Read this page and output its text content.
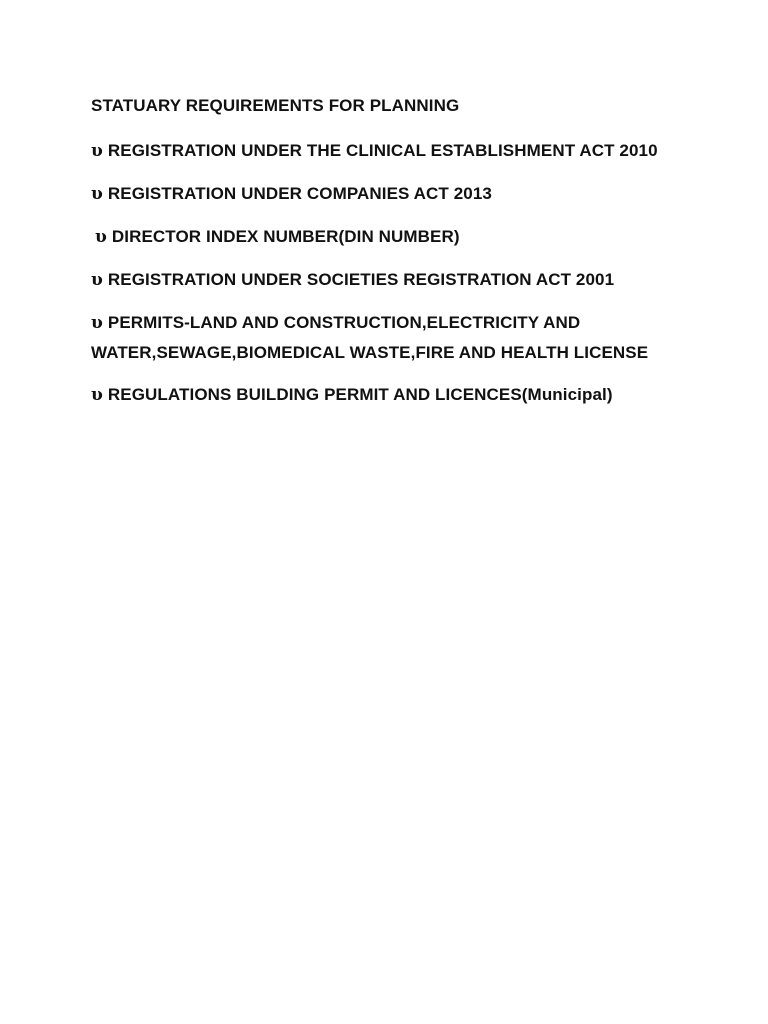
STATUARY REQUIREMENTS FOR PLANNING
υ REGISTRATION UNDER THE CLINICAL ESTABLISHMENT ACT 2010
υ REGISTRATION UNDER COMPANIES ACT 2013
υ DIRECTOR INDEX NUMBER(DIN NUMBER)
υ REGISTRATION UNDER SOCIETIES REGISTRATION ACT 2001
υ PERMITS-LAND AND CONSTRUCTION,ELECTRICITY AND WATER,SEWAGE,BIOMEDICAL WASTE,FIRE AND HEALTH LICENSE
υ REGULATIONS BUILDING PERMIT AND LICENCES(Municipal)
